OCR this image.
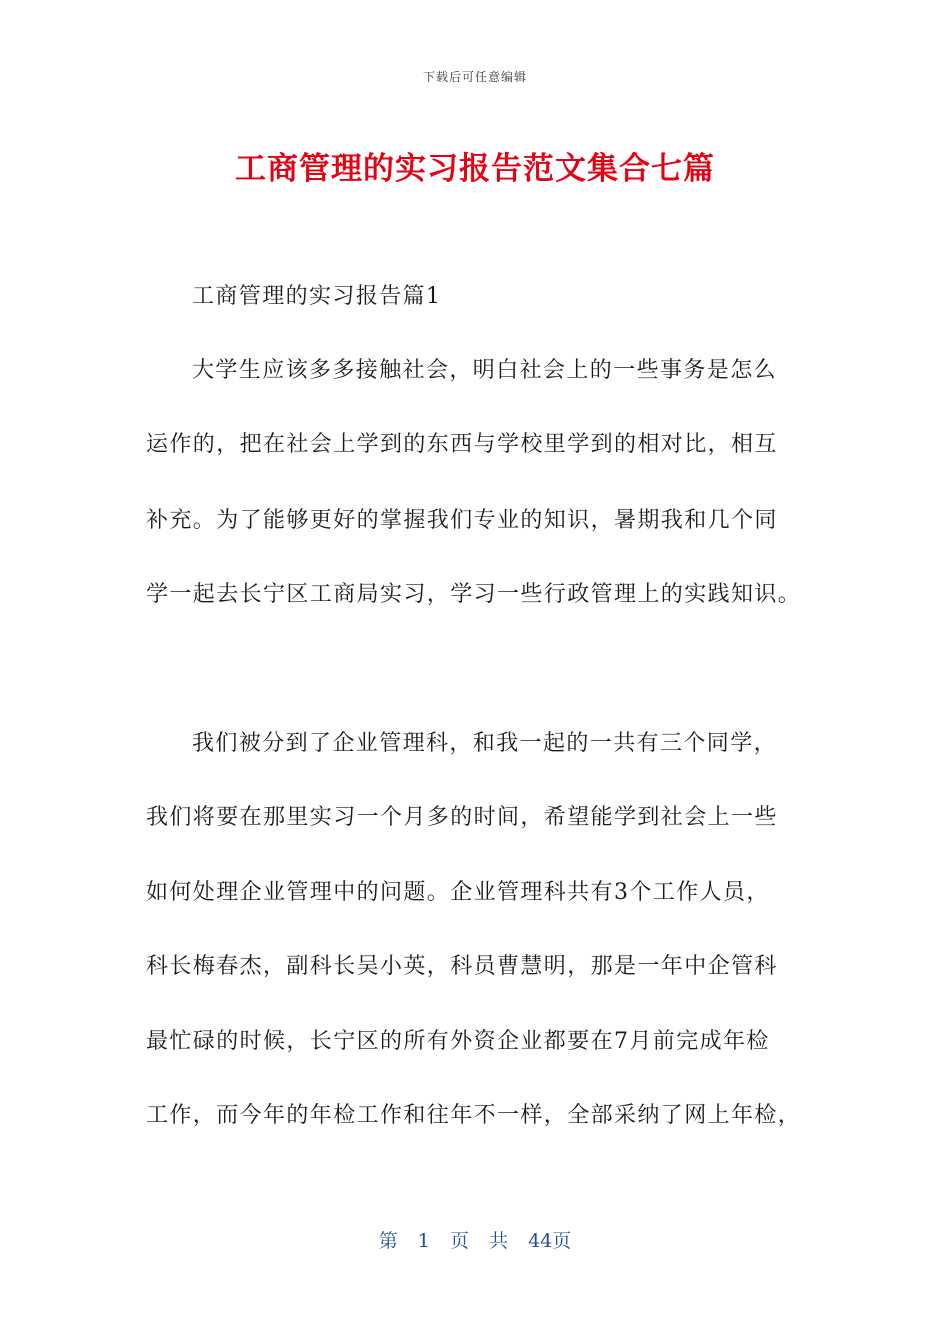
下载后可任意编辑
工商管理的实习报告范文集合七篇
工商管理的实习报告篇1
大学生应该多多接触社会，明白社会上的一些事务是怎么
运作的，把在社会上学到的东西与学校里学到的相对比，相互
补充。为了能够更好的掌握我们专业的知识，暑期我和几个同
学一起去长宁区工商局实习，学习一些行政管理上的实践知识。
我们被分到了企业管理科，和我一起的一共有三个同学，
我们将要在那里实习一个月多的时间，希望能学到社会上一些
如何处理企业管理中的问题。企业管理科共有3个工作人员，
科长梅春杰，副科长吴小英，科员曹慧明，那是一年中企管科
最忙碌的时候，长宁区的所有外资企业都要在7月前完成年检
工作，而今年的年检工作和往年不一样，全部采纳了网上年检，
第 1 页 共 44页
